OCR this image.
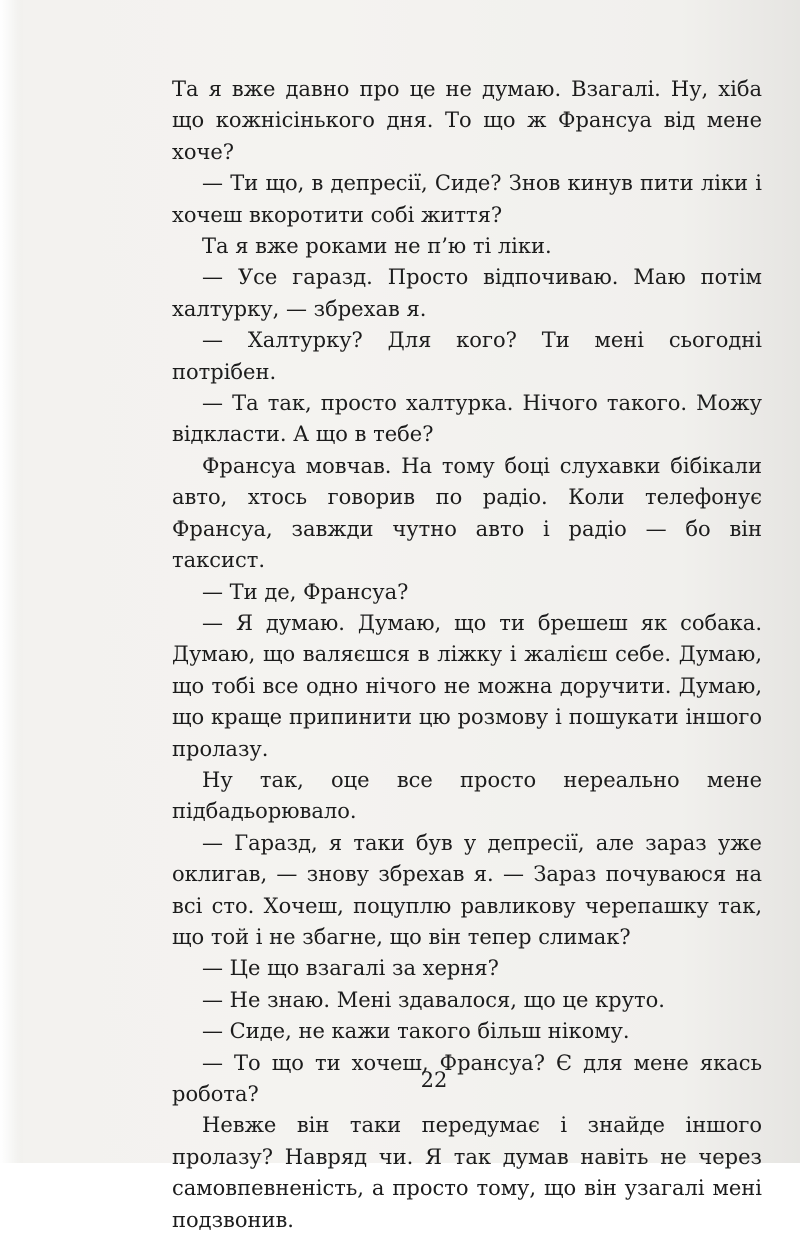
Та я вже давно про це не думаю. Взагалі. Ну, хіба що кожнісінького дня. То що ж Франсуа від мене хоче?

— Ти що, в депресії, Сиде? Знов кинув пити ліки і хочеш вкоротити собі життя?

Та я вже роками не п’ю ті ліки.

— Усе гаразд. Просто відпочиваю. Маю потім халтурку, — збрехав я.

— Халтурку? Для кого? Ти мені сьогодні потрібен.

— Та так, просто халтурка. Нічого такого. Можу відкласти. А що в тебе?

Франсуа мовчав. На тому боці слухавки бібікали авто, хтось говорив по радіо. Коли телефонує Франсуа, завжди чутно авто і радіо — бо він таксист.

— Ти де, Франсуа?

— Я думаю. Думаю, що ти брешеш як собака. Думаю, що валяєшся в ліжку і жалієш себе. Думаю, що тобі все одно нічого не можна доручити. Думаю, що краще припинити цю розмову і пошукати іншого пролазу.

Ну так, оце все просто нереально мене підбадьорювало.

— Гаразд, я таки був у депресії, але зараз уже оклигав, — знову збрехав я. — Зараз почуваюся на всі сто. Хочеш, поцуплю равликову черепашку так, що той і не збагне, що він тепер слимак?

— Це що взагалі за херня?

— Не знаю. Мені здавалося, що це круто.

— Сиде, не кажи такого більш нікому.

— То що ти хочеш, Франсуа? Є для мене якась робота?

Невже він таки передумає і знайде іншого пролазу? Навряд чи. Я так думав навіть не через самовпевненість, а просто тому, що він узагалі мені подзвонив.

22
